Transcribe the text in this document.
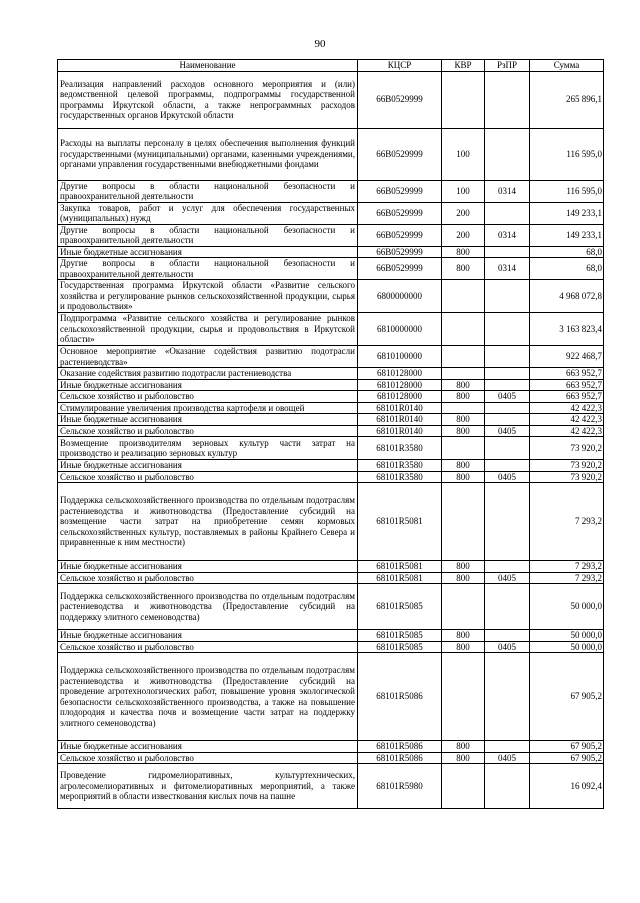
90
Наименование	КЦСР	КВР	РзПР	Сумма
Реализация направлений расходов основного мероприятия и (или) ведомственной целевой программы, подпрограммы государственной программы Иркутской области, а также непрограммных расходов государственных органов Иркутской области	66В0529999			265 896,1
Расходы на выплаты персоналу в целях обеспечения выполнения функций государственными (муниципальными) органами, казенными учреждениями, органами управления государственными внебюджетными фондами	66В0529999	100		116 595,0
Другие вопросы в области национальной безопасности и правоохранительной деятельности	66В0529999	100	0314	116 595,0
Закупка товаров, работ и услуг для обеспечения государственных (муниципальных) нужд	66В0529999	200		149 233,1
Другие вопросы в области национальной безопасности и правоохранительной деятельности	66В0529999	200	0314	149 233,1
Иные бюджетные ассигнования	66В0529999	800		68,0
Другие вопросы в области национальной безопасности и правоохранительной деятельности	66В0529999	800	0314	68,0
Государственная программа Иркутской области «Развитие сельского хозяйства и регулирование рынков сельскохозяйственной продукции, сырья и продовольствия»	6800000000			4 968 072,8
Подпрограмма «Развитие сельского хозяйства и регулирование рынков сельскохозяйственной продукции, сырья и продовольствия в Иркутской области»	6810000000			3 163 823,4
Основное мероприятие «Оказание содействия развитию подотрасли растениеводства»	6810100000			922 468,7
Оказание содействия развитию подотрасли растениеводства	6810128000			663 952,7
Иные бюджетные ассигнования	6810128000	800		663 952,7
Сельское хозяйство и рыболовство	6810128000	800	0405	663 952,7
Стимулирование увеличения производства картофеля и овощей	68101R0140			42 422,3
Иные бюджетные ассигнования	68101R0140	800		42 422,3
Сельское хозяйство и рыболовство	68101R0140	800	0405	42 422,3
Возмещение производителям зерновых культур части затрат на производство и реализацию зерновых культур	68101R3580			73 920,2
Иные бюджетные ассигнования	68101R3580	800		73 920,2
Сельское хозяйство и рыболовство	68101R3580	800	0405	73 920,2
Поддержка сельскохозяйственного производства по отдельным подотраслям растениеводства и животноводства (Предоставление субсидий на возмещение части затрат на приобретение семян кормовых сельскохозяйственных культур, поставляемых в районы Крайнего Севера и приравненные к ним местности)	68101R5081			7 293,2
Иные бюджетные ассигнования	68101R5081	800		7 293,2
Сельское хозяйство и рыболовство	68101R5081	800	0405	7 293,2
Поддержка сельскохозяйственного производства по отдельным подотраслям растениеводства и животноводства (Предоставление субсидий на поддержку элитного семеноводства)	68101R5085			50 000,0
Иные бюджетные ассигнования	68101R5085	800		50 000,0
Сельское хозяйство и рыболовство	68101R5085	800	0405	50 000,0
Поддержка сельскохозяйственного производства по отдельным подотраслям растениеводства и животноводства (Предоставление субсидий на проведение агротехнологических работ, повышение уровня экологической безопасности сельскохозяйственного производства, а также на повышение плодородия и качества почв и возмещение части затрат на поддержку элитного семеноводства)	68101R5086			67 905,2
Иные бюджетные ассигнования	68101R5086	800		67 905,2
Сельское хозяйство и рыболовство	68101R5086	800	0405	67 905,2
Проведение гидромелиоративных, культуртехнических, агролесомелиоративных и фитомелиоративных мероприятий, а также мероприятий в области известкования кислых почв на пашне	68101R5980			16 092,4
